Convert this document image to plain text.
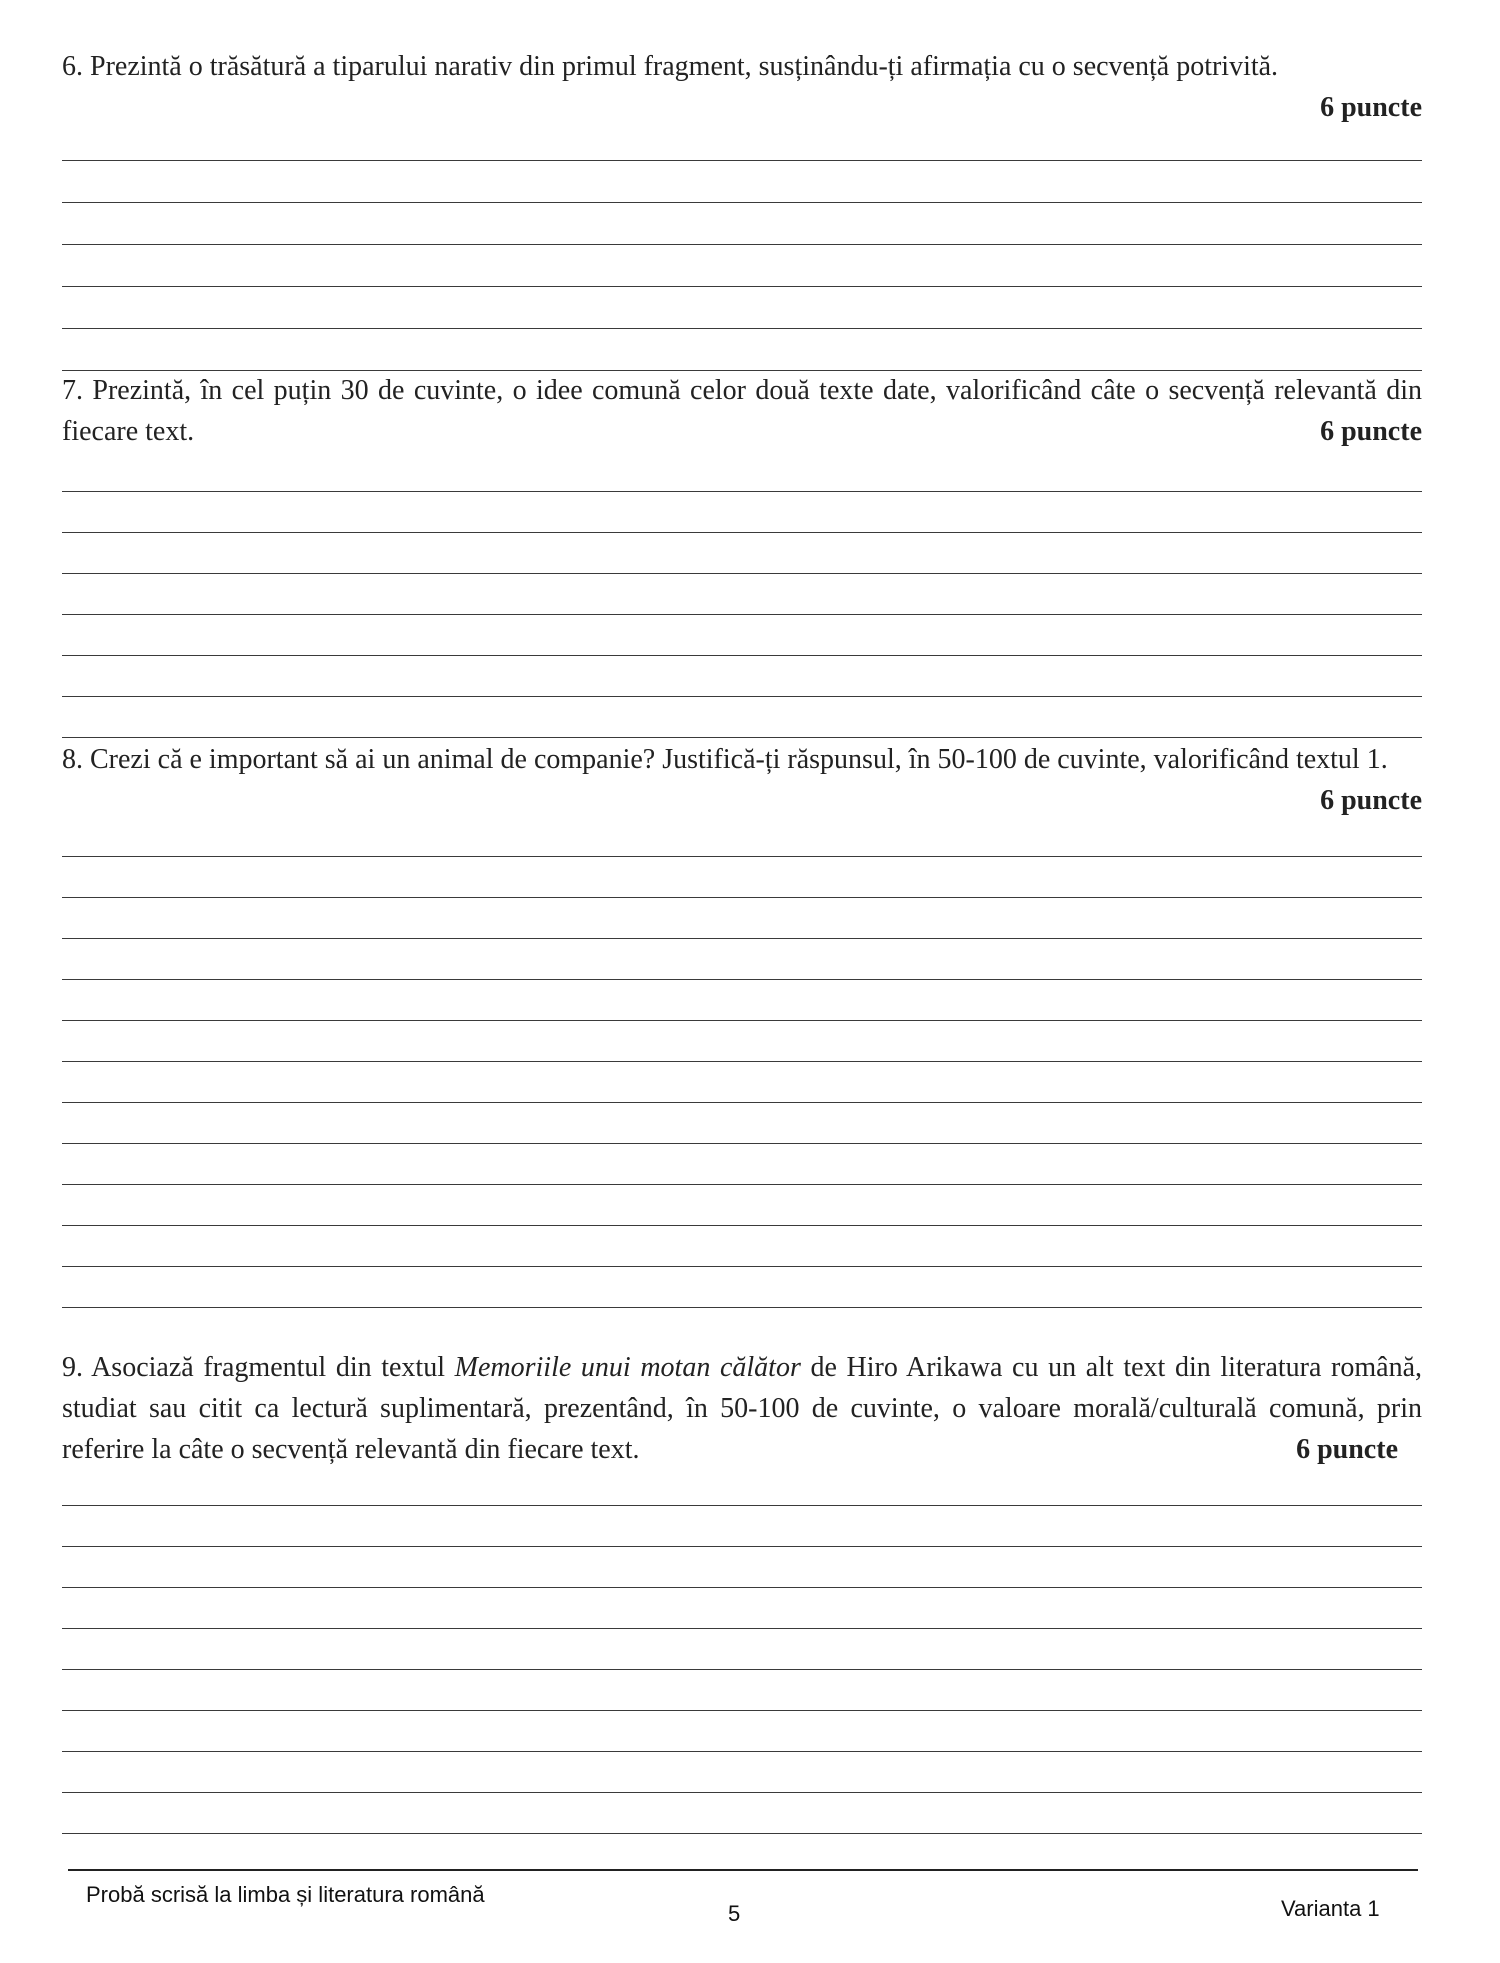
6. Prezintă o trăsătură a tiparului narativ din primul fragment, susținându-ți afirmația cu o secvență potrivită.
6 puncte
7. Prezintă, în cel puțin 30 de cuvinte, o idee comună celor două texte date, valorificând câte o secvență relevantă din fiecare text.	6 puncte
8. Crezi că e important să ai un animal de companie? Justifică-ți răspunsul, în 50-100 de cuvinte, valorificând textul 1.
6 puncte
9. Asociază fragmentul din textul Memoriile unui motan călător de Hiro Arikawa cu un alt text din literatura română, studiat sau citit ca lectură suplimentară, prezentând, în 50-100 de cuvinte, o valoare morală/culturală comună, prin referire la câte o secvență relevantă din fiecare text.	6 puncte
Probă scrisă la limba și literatura română
5	Varianta 1
